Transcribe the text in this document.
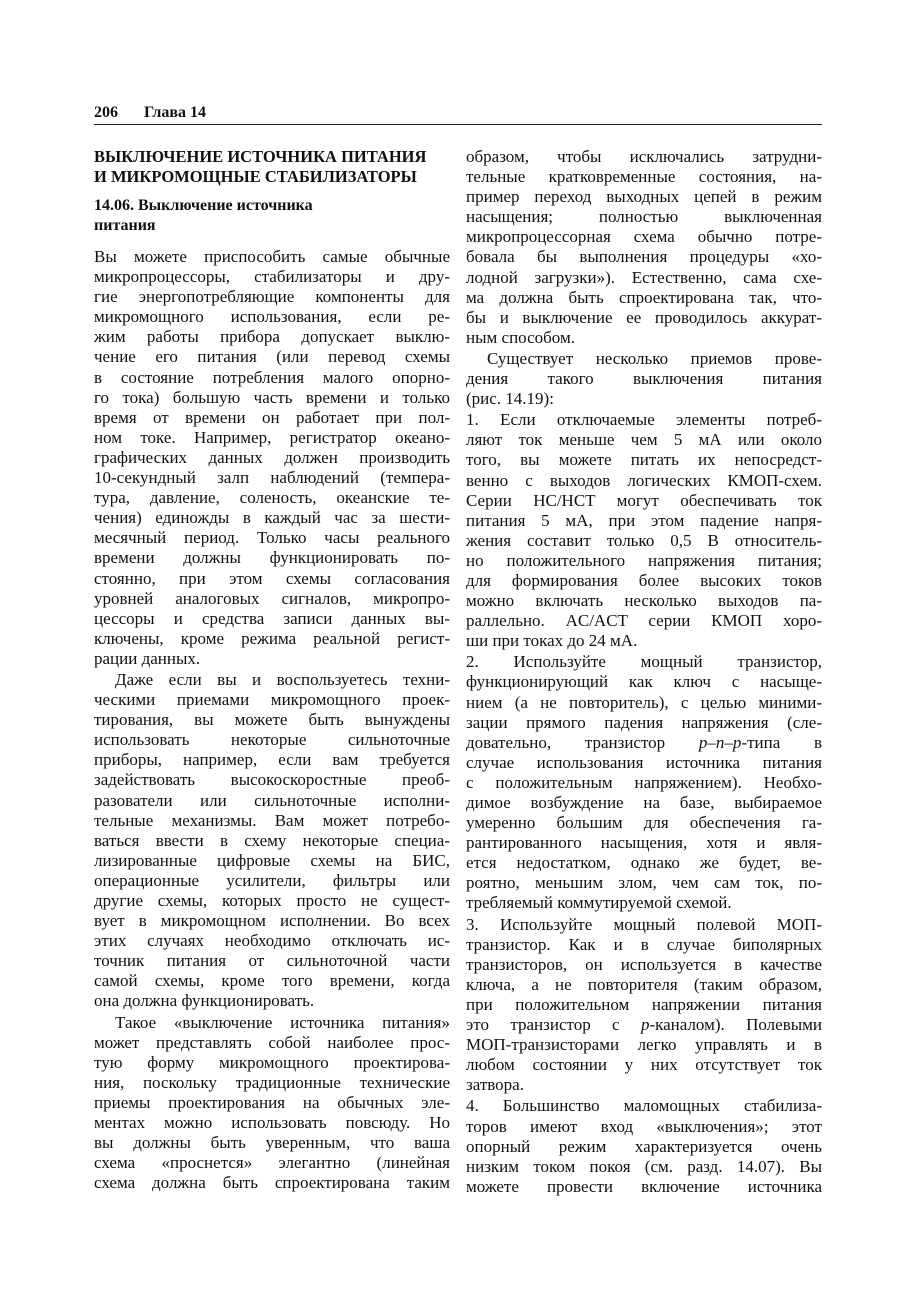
206 Глава 14
ВЫКЛЮЧЕНИЕ ИСТОЧНИКА ПИТАНИЯ
И МИКРОМОЩНЫЕ СТАБИЛИЗАТОРЫ
14.06. Выключение источника
питания
Вы можете приспособить самые обычные
микропроцессоры, стабилизаторы и дру-
гие энергопотребляющие компоненты для
микромощного использования, если ре-
жим работы прибора допускает выклю-
чение его питания (или перевод схемы
в состояние потребления малого опорно-
го тока) большую часть времени и только
время от времени он работает при пол-
ном токе. Например, регистратор океано-
графических данных должен производить
10-секундный залп наблюдений (темпера-
тура, давление, соленость, океанские те-
чения) единожды в каждый час за шести-
месячный период. Только часы реального
времени должны функционировать по-
стоянно, при этом схемы согласования
уровней аналоговых сигналов, микропро-
цессоры и средства записи данных вы-
ключены, кроме режима реальной регист-
рации данных.
Даже если вы и воспользуетесь техни-
ческими приемами микромощного проек-
тирования, вы можете быть вынуждены
использовать некоторые сильноточные
приборы, например, если вам требуется
задействовать высокоскоростные преоб-
разователи или сильноточные исполни-
тельные механизмы. Вам может потребо-
ваться ввести в схему некоторые специа-
лизированные цифровые схемы на БИС,
операционные усилители, фильтры или
другие схемы, которых просто не сущест-
вует в микромощном исполнении. Во всех
этих случаях необходимо отключать ис-
точник питания от сильноточной части
самой схемы, кроме того времени, когда
она должна функционировать.
Такое «выключение источника питания»
может представлять собой наиболее прос-
тую форму микромощного проектирова-
ния, поскольку традиционные технические
приемы проектирования на обычных эле-
ментах можно использовать повсюду. Но
вы должны быть уверенным, что ваша
схема «проснется» элегантно (линейная
схема должна быть спроектирована таким
образом, чтобы исключались затрудни-
тельные кратковременные состояния, на-
пример переход выходных цепей в режим
насыщения; полностью выключенная
микропроцессорная схема обычно потре-
бовала бы выполнения процедуры «хо-
лодной загрузки»). Естественно, сама схе-
ма должна быть спроектирована так, что-
бы и выключение ее проводилось аккурат-
ным способом.
Существует несколько приемов прове-
дения такого выключения питания
(рис. 14.19):
1. Если отключаемые элементы потреб-
ляют ток меньше чем 5 мА или около
того, вы можете питать их непосредст-
венно с выходов логических КМОП-схем.
Серии HC/HCT могут обеспечивать ток
питания 5 мА, при этом падение напря-
жения составит только 0,5 В относитель-
но положительного напряжения питания;
для формирования более высоких токов
можно включать несколько выходов па-
раллельно. AC/ACT серии КМОП хоро-
ши при токах до 24 мА.
2. Используйте мощный транзистор,
функционирующий как ключ с насыще-
нием (а не повторитель), с целью миними-
зации прямого падения напряжения (сле-
довательно, транзистор p–n–p-типа в
случае использования источника питания
с положительным напряжением). Необхо-
димое возбуждение на базе, выбираемое
умеренно большим для обеспечения га-
рантированного насыщения, хотя и явля-
ется недостатком, однако же будет, ве-
роятно, меньшим злом, чем сам ток, по-
требляемый коммутируемой схемой.
3. Используйте мощный полевой МОП-
транзистор. Как и в случае биполярных
транзисторов, он используется в качестве
ключа, а не повторителя (таким образом,
при положительном напряжении питания
это транзистор с p-каналом). Полевыми
МОП-транзисторами легко управлять и в
любом состоянии у них отсутствует ток
затвора.
4. Большинство маломощных стабилиза-
торов имеют вход «выключения»; этот
опорный режим характеризуется очень
низким током покоя (см. разд. 14.07). Вы
можете провести включение источника
